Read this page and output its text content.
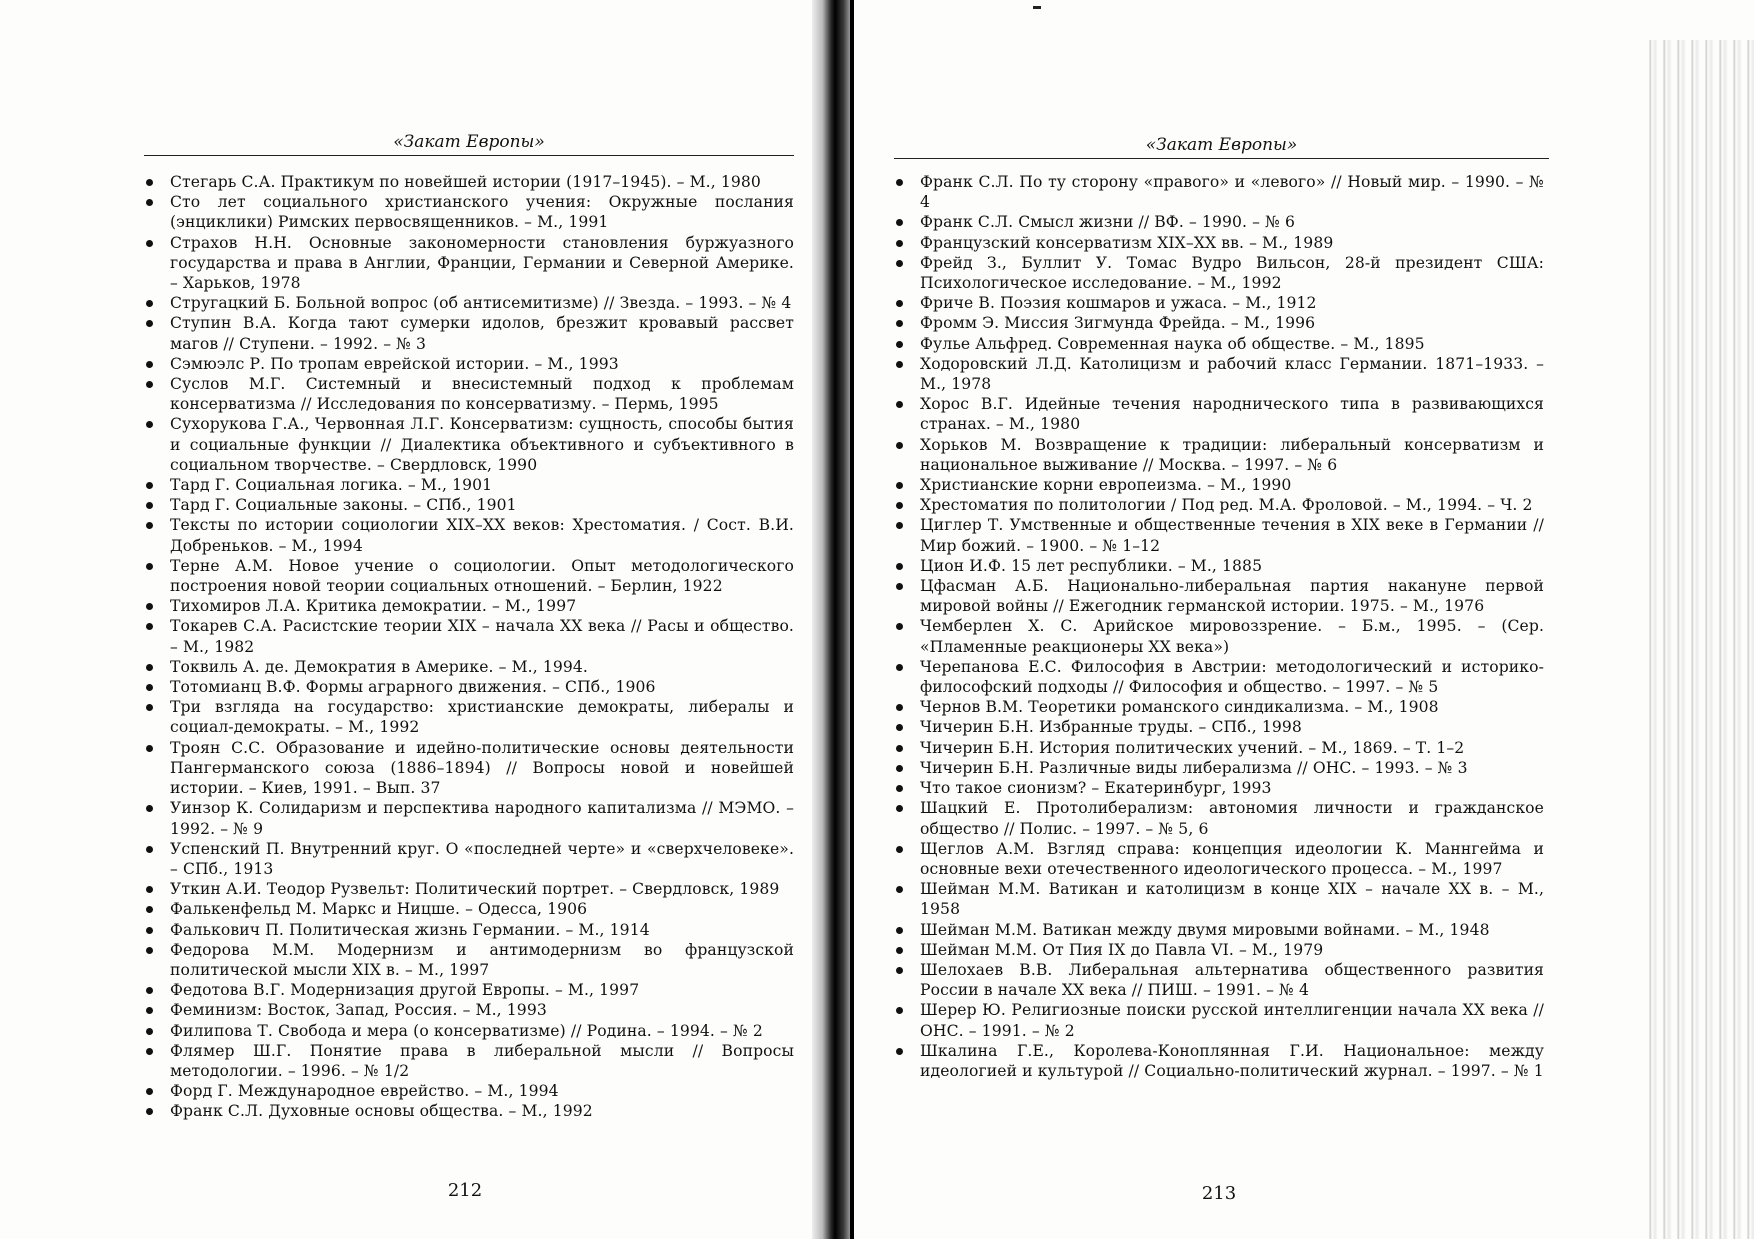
«Закат Европы»
Стегарь С.А. Практикум по новейшей истории (1917–1945). – М., 1980
Сто лет социального христианского учения: Окружные послания (энциклики) Римских первосвященников. – М., 1991
Страхов Н.Н. Основные закономерности становления буржуазного государства и права в Англии, Франции, Германии и Северной Америке. – Харьков, 1978
Стругацкий Б. Больной вопрос (об антисемитизме) // Звезда. – 1993. – № 4
Ступин В.А. Когда тают сумерки идолов, брезжит кровавый рассвет магов // Ступени. – 1992. – № 3
Сэмюэлс Р. По тропам еврейской истории. – М., 1993
Суслов М.Г. Системный и внесистемный подход к проблемам консерватизма // Исследования по консерватизму. – Пермь, 1995
Сухорукова Г.А., Червонная Л.Г. Консерватизм: сущность, способы бытия и социальные функции // Диалектика объективного и субъективного в социальном творчестве. – Свердловск, 1990
Тард Г. Социальная логика. – М., 1901
Тард Г. Социальные законы. – СПб., 1901
Тексты по истории социологии XIX–XX веков: Хрестоматия. / Сост. В.И. Добреньков. – М., 1994
Терне А.М. Новое учение о социологии. Опыт методологического построения новой теории социальных отношений. – Берлин, 1922
Тихомиров Л.А. Критика демократии. – М., 1997
Токарев С.А. Расистские теории XIX – начала XX века // Расы и общество. – М., 1982
Токвиль А. де. Демократия в Америке. – М., 1994.
Тотомианц В.Ф. Формы аграрного движения. – СПб., 1906
Три взгляда на государство: христианские демократы, либералы и социал-демократы. – М., 1992
Троян С.С. Образование и идейно-политические основы деятельности Пангерманского союза (1886–1894) // Вопросы новой и новейшей истории. – Киев, 1991. – Вып. 37
Уинзор К. Солидаризм и перспектива народного капитализма // МЭМО. – 1992. – № 9
Успенский П. Внутренний круг. О «последней черте» и «сверхчеловеке». – СПб., 1913
Уткин А.И. Теодор Рузвельт: Политический портрет. – Свердловск, 1989
Фалькенфельд М. Маркс и Ницше. – Одесса, 1906
Фалькович П. Политическая жизнь Германии. – М., 1914
Федорова М.М. Модернизм и антимодернизм во французской политической мысли XIX в. – М., 1997
Федотова В.Г. Модернизация другой Европы. – М., 1997
Феминизм: Восток, Запад, Россия. – М., 1993
Филипова Т. Свобода и мера (о консерватизме) // Родина. – 1994. – № 2
Флямер Ш.Г. Понятие права в либеральной мысли // Вопросы методологии. – 1996. – № 1/2
Форд Г. Международное еврейство. – М., 1994
Франк С.Л. Духовные основы общества. – М., 1992
212
«Закат Европы»
Франк С.Л. По ту сторону «правого» и «левого» // Новый мир. – 1990. – № 4
Франк С.Л. Смысл жизни // ВФ. – 1990. – № 6
Французский консерватизм XIX–XX вв. – М., 1989
Фрейд З., Буллит У. Томас Вудро Вильсон, 28-й президент США: Психологическое исследование. – М., 1992
Фриче В. Поэзия кошмаров и ужаса. – М., 1912
Фромм Э. Миссия Зигмунда Фрейда. – М., 1996
Фулье Альфред. Современная наука об обществе. – М., 1895
Ходоровский Л.Д. Католицизм и рабочий класс Германии. 1871–1933. – М., 1978
Хорос В.Г. Идейные течения народнического типа в развивающихся странах. – М., 1980
Хорьков М. Возвращение к традиции: либеральный консерватизм и национальное выживание // Москва. – 1997. – № 6
Христианские корни европеизма. – М., 1990
Хрестоматия по политологии / Под ред. М.А. Фроловой. – М., 1994. – Ч. 2
Циглер Т. Умственные и общественные течения в XIX веке в Германии // Мир божий. – 1900. – № 1–12
Цион И.Ф. 15 лет республики. – М., 1885
Цфасман А.Б. Национально-либеральная партия накануне первой мировой войны // Ежегодник германской истории. 1975. – М., 1976
Чемберлен Х. С. Арийское мировоззрение. – Б.м., 1995. – (Сер. «Пламенные реакционеры XX века»)
Черепанова Е.С. Философия в Австрии: методологический и историко-философский подходы // Философия и общество. – 1997. – № 5
Чернов В.М. Теоретики романского синдикализма. – М., 1908
Чичерин Б.Н. Избранные труды. – СПб., 1998
Чичерин Б.Н. История политических учений. – М., 1869. – Т. 1–2
Чичерин Б.Н. Различные виды либерализма // ОНС. – 1993. – № 3
Что такое сионизм? – Екатеринбург, 1993
Шацкий Е. Протолиберализм: автономия личности и гражданское общество // Полис. – 1997. – № 5, 6
Щеглов А.М. Взгляд справа: концепция идеологии К. Маннгейма и основные вехи отечественного идеологического процесса. – М., 1997
Шейман М.М. Ватикан и католицизм в конце XIX – начале XX в. – М., 1958
Шейман М.М. Ватикан между двумя мировыми войнами. – М., 1948
Шейман М.М. От Пия IX до Павла VI. – М., 1979
Шелохаев В.В. Либеральная альтернатива общественного развития России в начале XX века // ПИШ. – 1991. – № 4
Шерер Ю. Религиозные поиски русской интеллигенции начала XX века // ОНС. – 1991. – № 2
Шкалина Г.Е., Королева-Коноплянная Г.И. Национальное: между идеологией и культурой // Социально-политический журнал. – 1997. – № 1
213
